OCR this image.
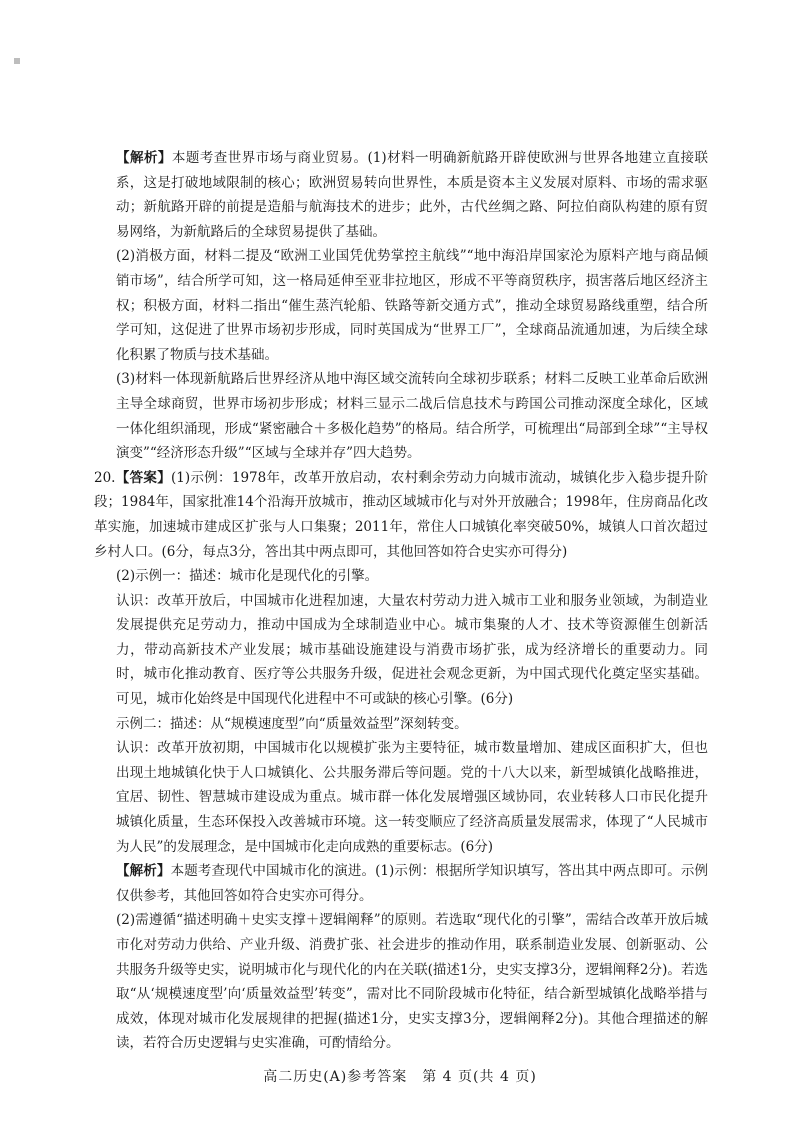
【解析】本题考查世界市场与商业贸易。(1)材料一明确新航路开辟使欧洲与世界各地建立直接联系，这是打破地域限制的核心；欧洲贸易转向世界性，本质是资本主义发展对原料、市场的需求驱动；新航路开辟的前提是造船与航海技术的进步；此外，古代丝绸之路、阿拉伯商队构建的原有贸易网络，为新航路后的全球贸易提供了基础。

(2)消极方面，材料二提及“欧洲工业国凭优势掌控主航线”“地中海沿岸国家沦为原料产地与商品倾销市场”，结合所学可知，这一格局延伸至亚非拉地区，形成不平等商贸秩序，损害落后地区经济主权；积极方面，材料二指出“催生蒸汽轮船、铁路等新交通方式”，推动全球贸易路线重塑，结合所学可知，这促进了世界市场初步形成，同时英国成为“世界工厂”，全球商品流通加速，为后续全球化积累了物质与技术基础。

(3)材料一体现新航路后世界经济从地中海区域交流转向全球初步联系；材料二反映工业革命后欧洲主导全球商贸，世界市场初步形成；材料三显示二战后信息技术与跨国公司推动深度全球化，区域一体化组织涌现，形成“紧密融合＋多极化趋势”的格局。结合所学，可梳理出“局部到全球”“主导权演变”“经济形态升级”“区域与全球并存”四大趋势。

20.【答案】(1)示例：1978年，改革开放启动，农村剩余劳动力向城市流动，城镇化步入稳步提升阶段；1984年，国家批准14个沿海开放城市，推动区域城市化与对外开放融合；1998年，住房商品化改革实施，加速城市建成区扩张与人口集聚；2011年，常住人口城镇化率突破50%，城镇人口首次超过乡村人口。(6分，每点3分，答出其中两点即可，其他回答如符合史实亦可得分)

(2)示例一：描述：城市化是现代化的引擎。

认识：改革开放后，中国城市化进程加速，大量农村劳动力进入城市工业和服务业领域，为制造业发展提供充足劳动力，推动中国成为全球制造业中心。城市集聚的人才、技术等资源催生创新活力，带动高新技术产业发展；城市基础设施建设与消费市场扩张，成为经济增长的重要动力。同时，城市化推动教育、医疗等公共服务升级，促进社会观念更新，为中国式现代化奠定坚实基础。可见，城市化始终是中国现代化进程中不可或缺的核心引擎。(6分)

示例二：描述：从“规模速度型”向“质量效益型”深刻转变。

认识：改革开放初期，中国城市化以规模扩张为主要特征，城市数量增加、建成区面积扩大，但也出现土地城镇化快于人口城镇化、公共服务滞后等问题。党的十八大以来，新型城镇化战略推进，宜居、韧性、智慧城市建设成为重点。城市群一体化发展增强区域协同，农业转移人口市民化提升城镇化质量，生态环保投入改善城市环境。这一转变顺应了经济高质量发展需求，体现了“人民城市为人民”的发展理念，是中国城市化走向成熟的重要标志。(6分)

【解析】本题考查现代中国城市化的演进。(1)示例：根据所学知识填写，答出其中两点即可。示例仅供参考，其他回答如符合史实亦可得分。

(2)需遵循“描述明确＋史实支撑＋逻辑阐释”的原则。若选取“现代化的引擎”，需结合改革开放后城市化对劳动力供给、产业升级、消费扩张、社会进步的推动作用，联系制造业发展、创新驱动、公共服务升级等史实，说明城市化与现代化的内在关联(描述1分，史实支撑3分，逻辑阐释2分)。若选取“从‘规模速度型’向‘质量效益型’转变”，需对比不同阶段城市化特征，结合新型城镇化战略举措与成效，体现对城市化发展规律的把握(描述1分，史实支撑3分，逻辑阐释2分)。其他合理描述的解读，若符合历史逻辑与史实准确，可酌情给分。

高二历史(A)参考答案　第 4 页(共 4 页)
